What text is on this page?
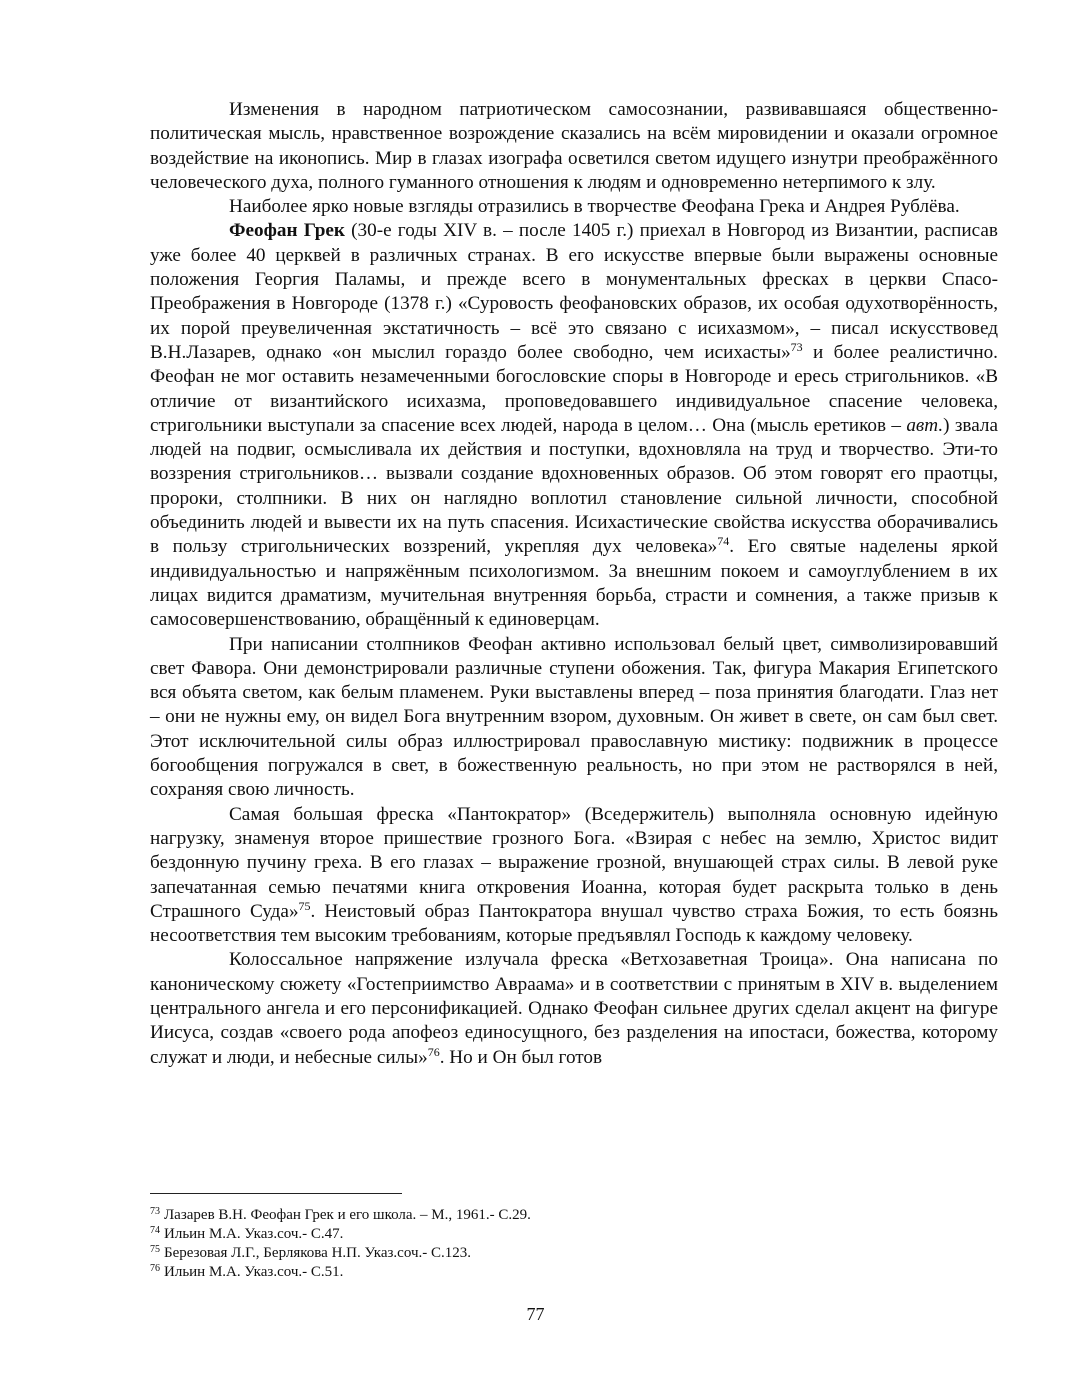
Изменения в народном патриотическом самосознании, развивавшаяся общественно-политическая мысль, нравственное возрождение сказались на всём мировидении и оказали огромное воздействие на иконопись. Мир в глазах изографа осветился светом идущего изнутри преображённого человеческого духа, полного гуманного отношения к людям и одновременно нетерпимого к злу.

Наиболее ярко новые взгляды отразились в творчестве Феофана Грека и Андрея Рублёва.

Феофан Грек (30-е годы XIV в. – после 1405 г.) приехал в Новгород из Византии, расписав уже более 40 церквей в различных странах. В его искусстве впервые были выражены основные положения Георгия Паламы, и прежде всего в монументальных фресках в церкви Спасо-Преображения в Новгороде (1378 г.) «Суровость феофановских образов, их особая одухотворённость, их порой преувеличенная экстатичность – всё это связано с исихазмом», – писал искусствовед В.Н.Лазарев, однако «он мыслил гораздо более свободно, чем исихасты»$^{73}$ и более реалистично. Феофан не мог оставить незамеченными богословские споры в Новгороде и ересь стригольников. «В отличие от византийского исихазма, проповедовавшего индивидуальное спасение человека, стригольники выступали за спасение всех людей, народа в целом… Она (мысль еретиков – авт.) звала людей на подвиг, осмысливала их действия и поступки, вдохновляла на труд и творчество. Эти-то воззрения стригольников… вызвали создание вдохновенных образов. Об этом говорят его праотцы, пророки, столпники. В них он наглядно воплотил становление сильной личности, способной объединить людей и вывести их на путь спасения. Исихастические свойства искусства оборачивались в пользу стригольнических воззрений, укрепляя дух человека»$^{74}$. Его святые наделены яркой индивидуальностью и напряжённым психологизмом. За внешним покоем и самоуглублением в их лицах видится драматизм, мучительная внутренняя борьба, страсти и сомнения, а также призыв к самосовершенствованию, обращённый к единоверцам.

При написании столпников Феофан активно использовал белый цвет, символизировавший свет Фавора. Они демонстрировали различные ступени обожения. Так, фигура Макария Египетского вся объята светом, как белым пламенем. Руки выставлены вперед – поза принятия благодати. Глаз нет – они не нужны ему, он видел Бога внутренним взором, духовным. Он живет в свете, он сам был свет. Этот исключительной силы образ иллюстрировал православную мистику: подвижник в процессе богообщения погружался в свет, в божественную реальность, но при этом не растворялся в ней, сохраняя свою личность.

Самая большая фреска «Пантократор» (Вседержитель) выполняла основную идейную нагрузку, знаменуя второе пришествие грозного Бога. «Взирая с небес на землю, Христос видит бездонную пучину греха. В его глазах – выражение грозной, внушающей страх силы. В левой руке запечатанная семью печатями книга откровения Иоанна, которая будет раскрыта только в день Страшного Суда»$^{75}$. Неистовый образ Пантократора внушал чувство страха Божия, то есть боязнь несоответствия тем высоким требованиям, которые предъявлял Господь к каждому человеку.

Колоссальное напряжение излучала фреска «Ветхозаветная Троица». Она написана по каноническому сюжету «Гостеприимство Авраама» и в соответствии с принятым в XIV в. выделением центрального ангела и его персонификацией. Однако Феофан сильнее других сделал акцент на фигуре Иисуса, создав «своего рода апофеоз единосущного, без разделения на ипостаси, божества, которому служат и люди, и небесные силы»$^{76}$. Но и Он был готов

$^{73}$ Лазарев В.Н. Феофан Грек и его школа. – М., 1961.- С.29.

$^{74}$ Ильин М.А. Указ.соч.- С.47.

$^{75}$ Березовая Л.Г., Берлякова Н.П. Указ.соч.- С.123.

$^{76}$ Ильин М.А. Указ.соч.- С.51.

77
